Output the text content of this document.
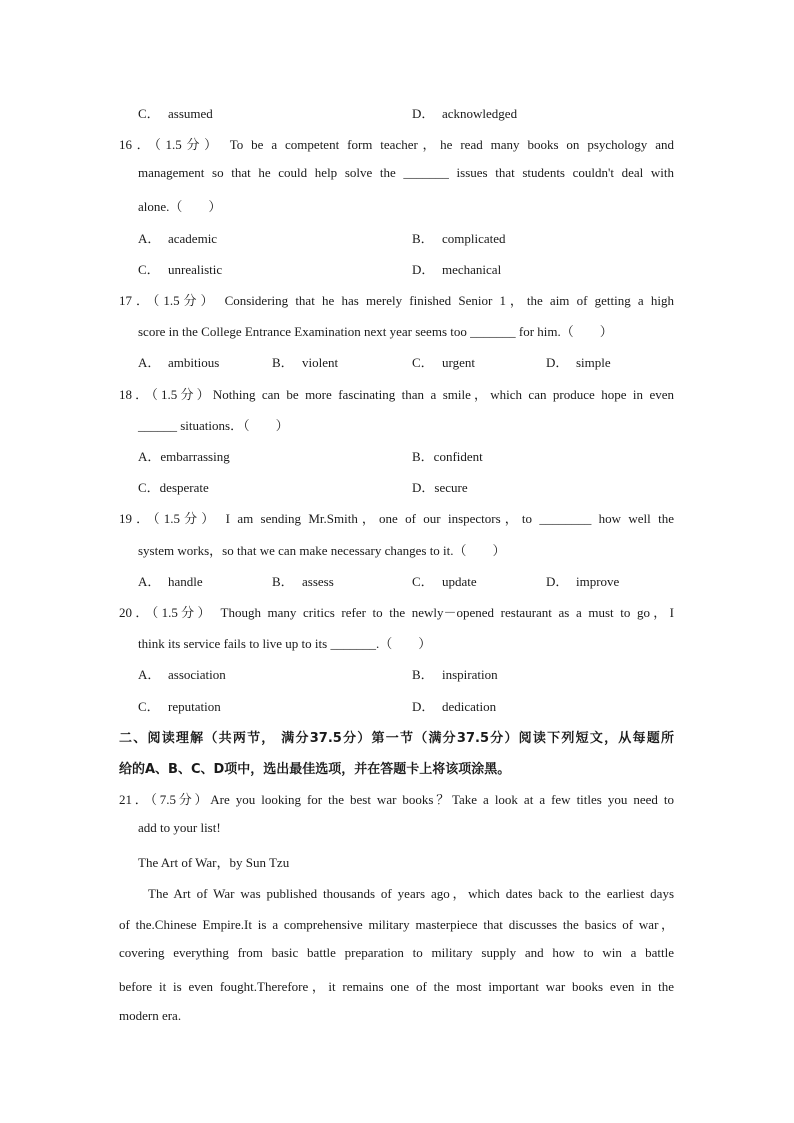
C． assumed	D． acknowledged
16．（1.5分） To be a competent form teacher，he read many books on psychology and
management so that he could help solve the _______ issues that students couldn't deal with
alone.（　　）
A． academic	B． complicated
C． unrealistic	D． mechanical
17．（1.5分） Considering that he has merely finished Senior 1，the aim of getting a high
score in the College Entrance Examination next year seems too _______ for him.（　　）
A． ambitious	B． violent	C． urgent	D． simple
18．（1.5分）Nothing can be more fascinating than a smile，which can produce hope in even
______ situations．（　　）
A．embarrassing	B．confident
C．desperate	D．secure
19．（1.5分） I am sending Mr.Smith，one of our inspectors，to ________ how well the
system works，so that we can make necessary changes to it.（　　）
A． handle	B． assess	C． update	D． improve
20．（1.5分） Though many critics refer to the newly－opened restaurant as a must to go，I
think its service fails to live up to its _______.（　　）
A． association	B． inspiration
C． reputation	D． dedication
二、阅读理解（共两节， 满分37.5分）第一节（满分37.5分）阅读下列短文，从每题所
给的A、B、C、D项中，选出最佳选项，并在答题卡上将该项涂黑。
21．（7.5分）Are you looking for the best war books？Take a look at a few titles you need to
add to your list!
The Art of War，by Sun Tzu
The Art of War was published thousands of years ago，which dates back to the earliest days
of the.Chinese Empire.It is a comprehensive military masterpiece that discusses the basics of war，
covering everything from basic battle preparation to military supply and how to win a battle
before it is even fought.Therefore，it remains one of the most important war books even in the
modern era.
